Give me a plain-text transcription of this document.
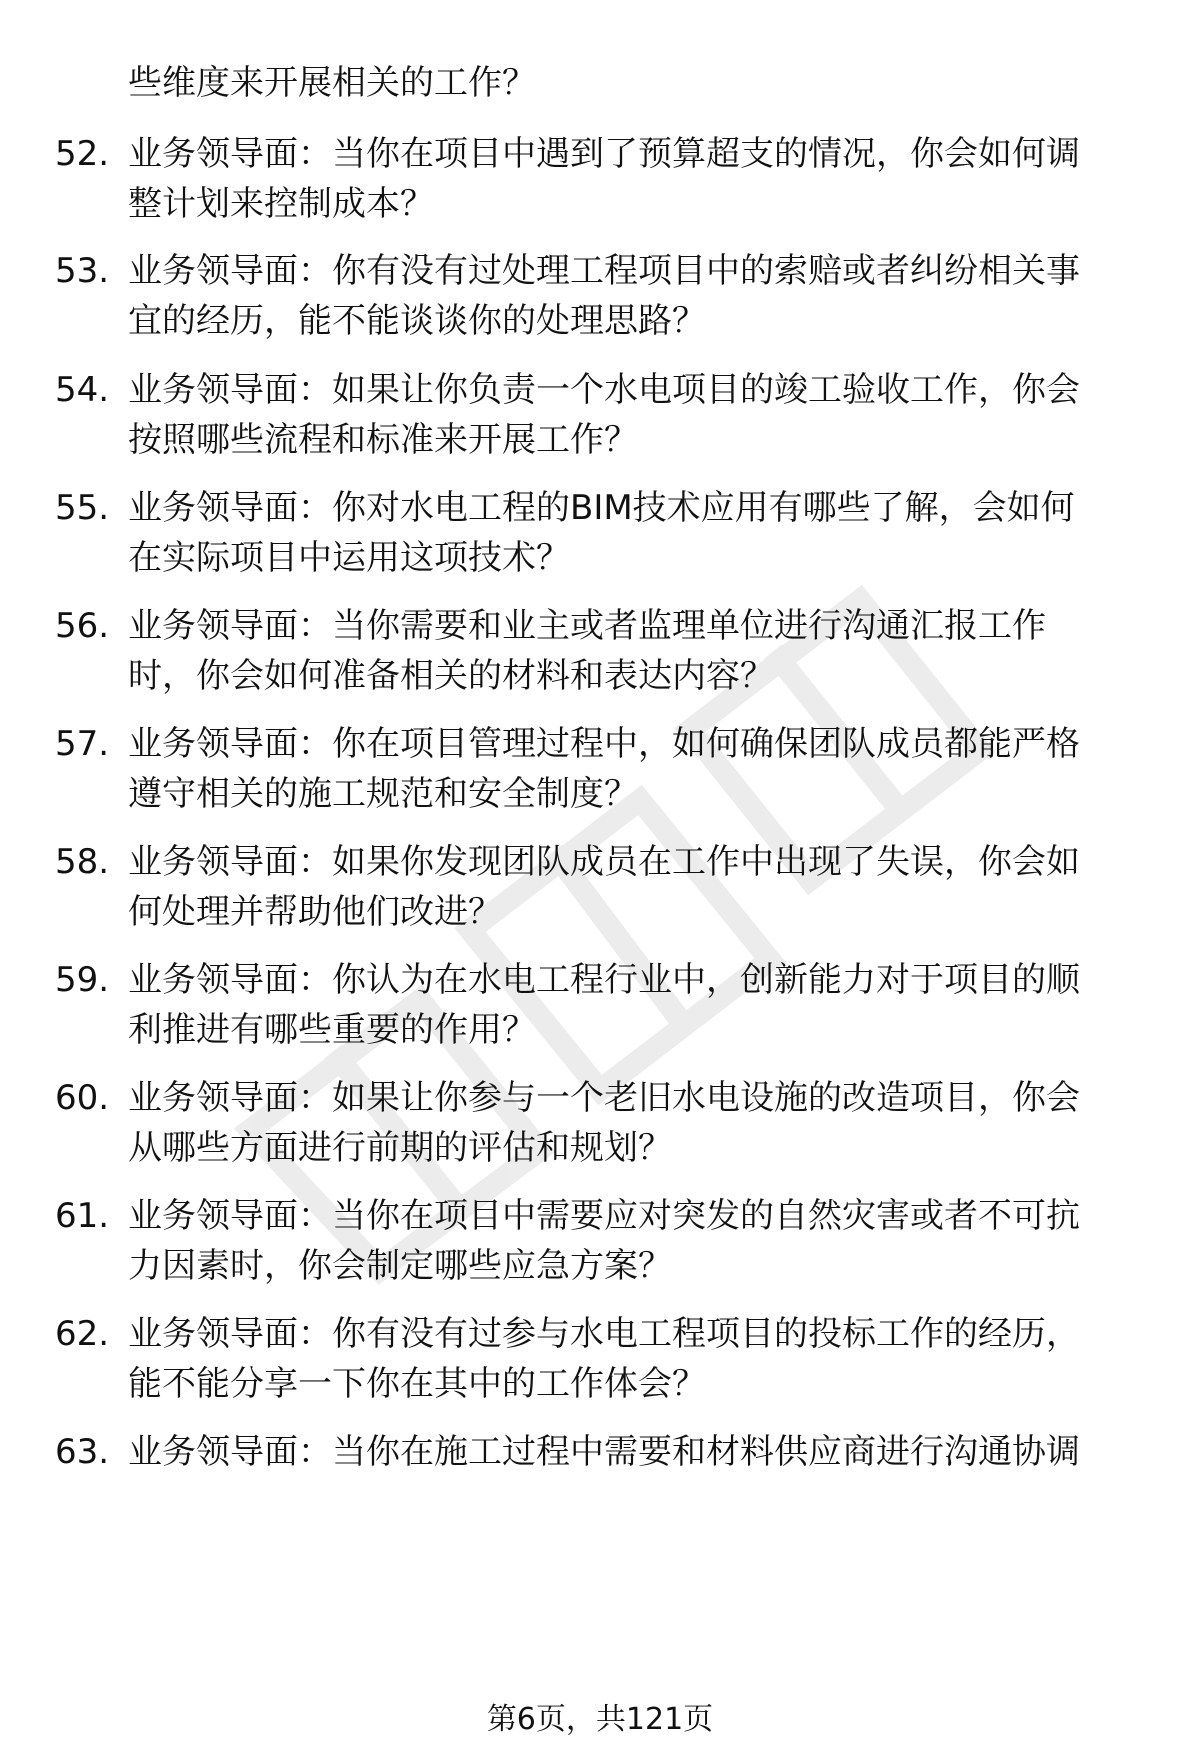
些维度来开展相关的工作？
52. 业务领导面：当你在项目中遇到了预算超支的情况，你会如何调
整计划来控制成本？
53. 业务领导面：你有没有过处理工程项目中的索赔或者纠纷相关事
宜的经历，能不能谈谈你的处理思路？
54. 业务领导面：如果让你负责一个水电项目的竣工验收工作，你会
按照哪些流程和标准来开展工作？
55. 业务领导面：你对水电工程的BIM技术应用有哪些了解，会如何
在实际项目中运用这项技术？
56. 业务领导面：当你需要和业主或者监理单位进行沟通汇报工作
时，你会如何准备相关的材料和表达内容？
57. 业务领导面：你在项目管理过程中，如何确保团队成员都能严格
遵守相关的施工规范和安全制度？
58. 业务领导面：如果你发现团队成员在工作中出现了失误，你会如
何处理并帮助他们改进？
59. 业务领导面：你认为在水电工程行业中，创新能力对于项目的顺
利推进有哪些重要的作用？
60. 业务领导面：如果让你参与一个老旧水电设施的改造项目，你会
从哪些方面进行前期的评估和规划？
61. 业务领导面：当你在项目中需要应对突发的自然灾害或者不可抗
力因素时，你会制定哪些应急方案？
62. 业务领导面：你有没有过参与水电工程项目的投标工作的经历，
能不能分享一下你在其中的工作体会？
63. 业务领导面：当你在施工过程中需要和材料供应商进行沟通协调
第6页，共121页
